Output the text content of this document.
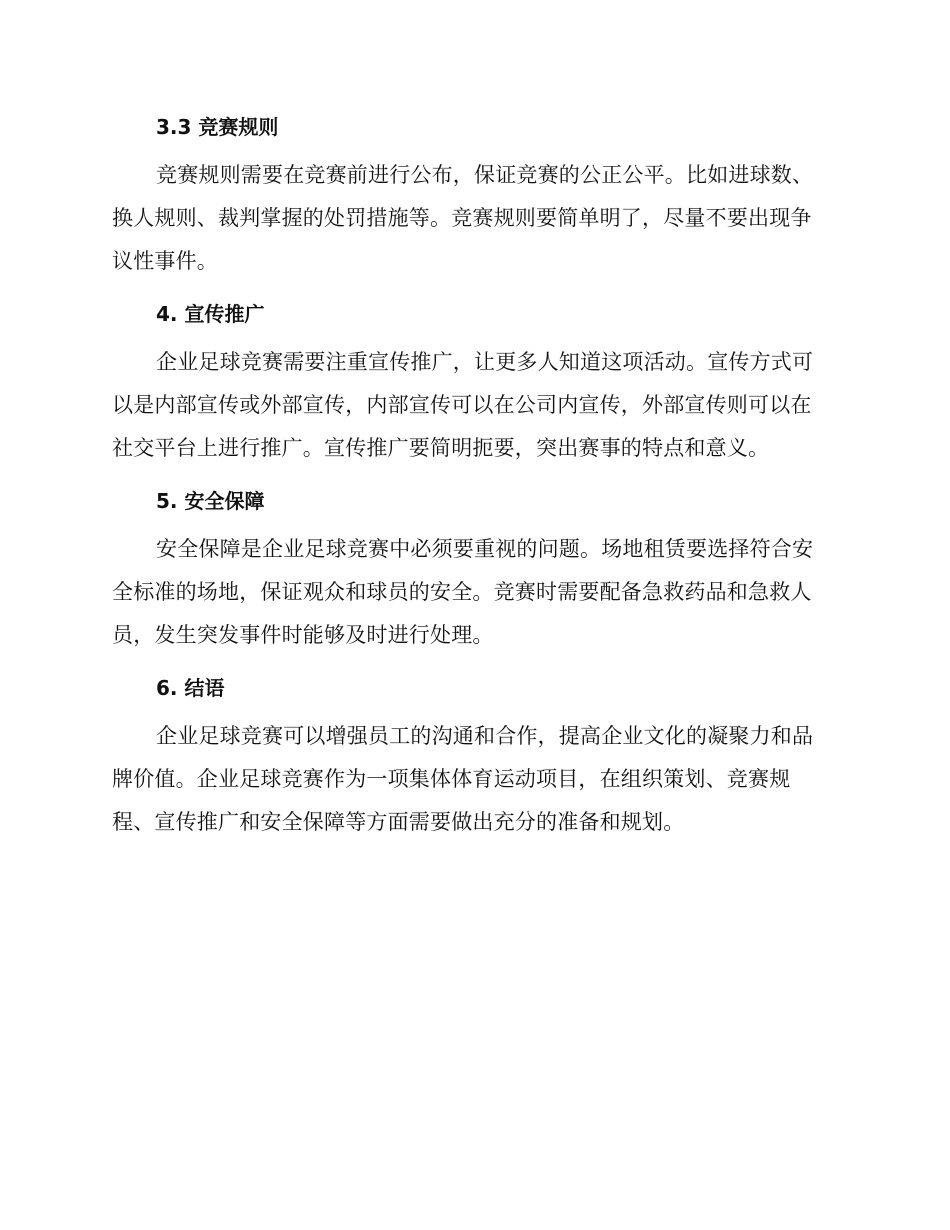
3.3 竞赛规则

竞赛规则需要在竞赛前进行公布，保证竞赛的公正公平。比如进球数、换人规则、裁判掌握的处罚措施等。竞赛规则要简单明了，尽量不要出现争议性事件。

4. 宣传推广

企业足球竞赛需要注重宣传推广，让更多人知道这项活动。宣传方式可以是内部宣传或外部宣传，内部宣传可以在公司内宣传，外部宣传则可以在社交平台上进行推广。宣传推广要简明扼要，突出赛事的特点和意义。

5. 安全保障

安全保障是企业足球竞赛中必须要重视的问题。场地租赁要选择符合安全标准的场地，保证观众和球员的安全。竞赛时需要配备急救药品和急救人员，发生突发事件时能够及时进行处理。

6. 结语

企业足球竞赛可以增强员工的沟通和合作，提高企业文化的凝聚力和品牌价值。企业足球竞赛作为一项集体体育运动项目，在组织策划、竞赛规程、宣传推广和安全保障等方面需要做出充分的准备和规划。
